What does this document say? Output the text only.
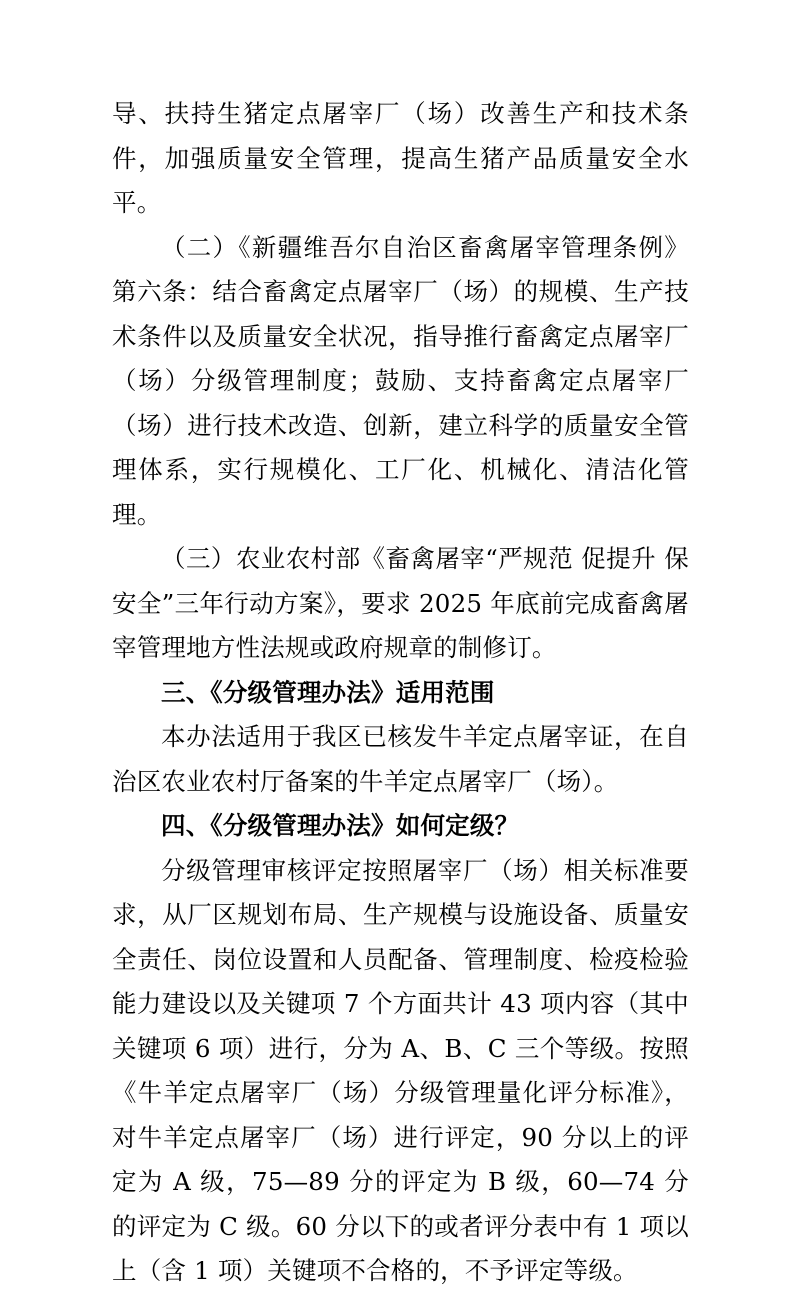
导、扶持生猪定点屠宰厂（场）改善生产和技术条件，加强质量安全管理，提高生猪产品质量安全水平。

（二）《新疆维吾尔自治区畜禽屠宰管理条例》第六条：结合畜禽定点屠宰厂（场）的规模、生产技术条件以及质量安全状况，指导推行畜禽定点屠宰厂（场）分级管理制度；鼓励、支持畜禽定点屠宰厂（场）进行技术改造、创新，建立科学的质量安全管理体系，实行规模化、工厂化、机械化、清洁化管理。

（三）农业农村部《畜禽屠宰“严规范 促提升 保安全”三年行动方案》，要求 2025 年底前完成畜禽屠宰管理地方性法规或政府规章的制修订。

三、《分级管理办法》适用范围

本办法适用于我区已核发牛羊定点屠宰证，在自治区农业农村厅备案的牛羊定点屠宰厂（场）。

四、《分级管理办法》如何定级？

分级管理审核评定按照屠宰厂（场）相关标准要求，从厂区规划布局、生产规模与设施设备、质量安全责任、岗位设置和人员配备、管理制度、检疫检验能力建设以及关键项 7 个方面共计 43 项内容（其中关键项 6 项）进行，分为 A、B、C 三个等级。按照《牛羊定点屠宰厂（场）分级管理量化评分标准》，对牛羊定点屠宰厂（场）进行评定，90 分以上的评定为 A 级，75—89 分的评定为 B 级，60—74 分的评定为 C 级。60 分以下的或者评分表中有 1 项以上（含 1 项）关键项不合格的，不予评定等级。
